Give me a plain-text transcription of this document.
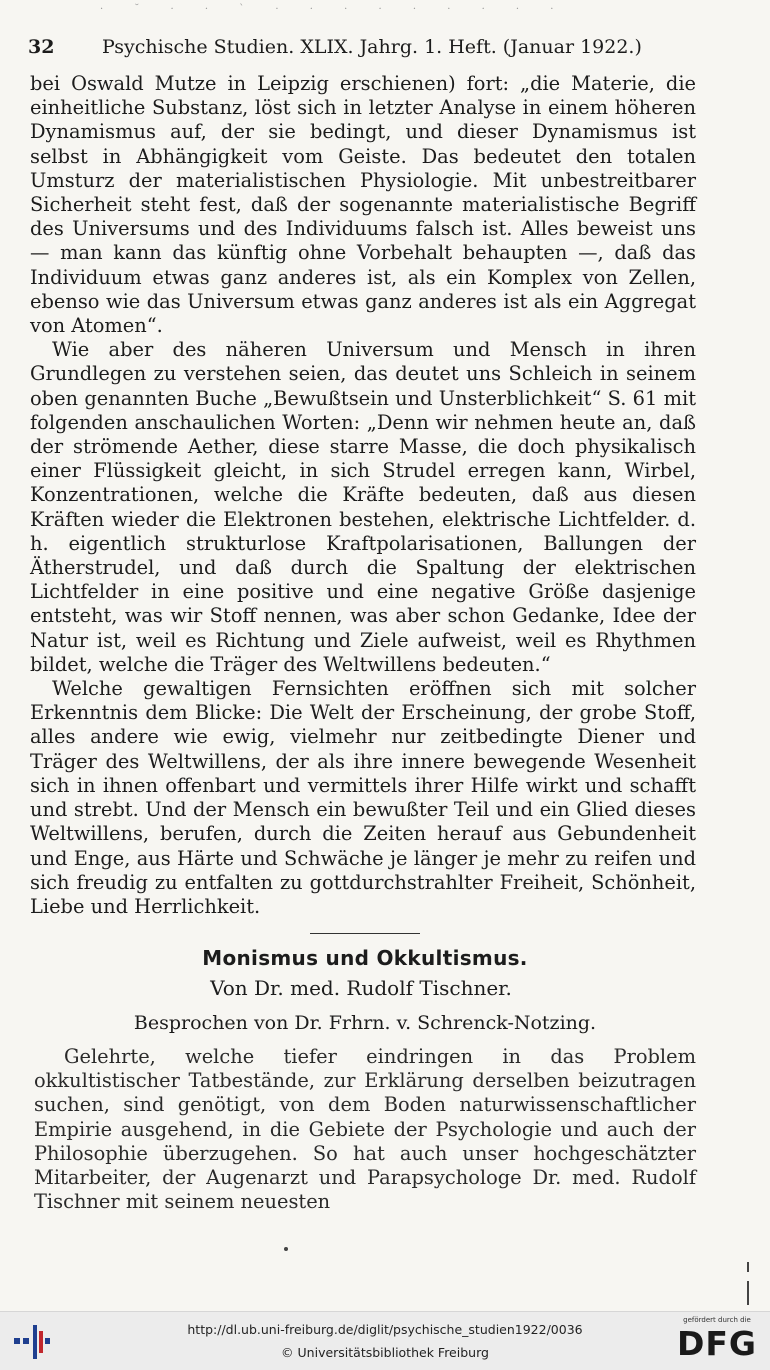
· ˘ · · ` · · · · · · · · ·
32	Psychische Studien. XLIX. Jahrg. 1. Heft. (Januar 1922.)

bei Oswald Mutze in Leipzig erschienen) fort: „die Materie, die einheitliche Substanz, löst sich in letzter Analyse in einem höheren Dynamismus auf, der sie bedingt, und dieser Dynamismus ist selbst in Abhängigkeit vom Geiste. Das bedeutet den totalen Umsturz der materialistischen Physiologie. Mit unbestreitbarer Sicherheit steht fest, daß der sogenannte materialistische Begriff des Universums und des Individuums falsch ist. Alles beweist uns — man kann das künftig ohne Vorbehalt behaupten —, daß das Individuum etwas ganz anderes ist, als ein Komplex von Zellen, ebenso wie das Universum etwas ganz anderes ist als ein Aggregat von Atomen“.

Wie aber des näheren Universum und Mensch in ihren Grundlegen zu verstehen seien, das deutet uns Schleich in seinem oben genannten Buche „Bewußtsein und Unsterblichkeit“ S. 61 mit folgenden anschaulichen Worten: „Denn wir nehmen heute an, daß der strömende Aether, diese starre Masse, die doch physikalisch einer Flüssigkeit gleicht, in sich Strudel erregen kann, Wirbel, Konzentrationen, welche die Kräfte bedeuten, daß aus diesen Kräften wieder die Elektronen bestehen, elektrische Lichtfelder. d. h. eigentlich strukturlose Kraftpolarisationen, Ballungen der Ätherstrudel, und daß durch die Spaltung der elektrischen Lichtfelder in eine positive und eine negative Größe dasjenige entsteht, was wir Stoff nennen, was aber schon Gedanke, Idee der Natur ist, weil es Richtung und Ziele aufweist, weil es Rhythmen bildet, welche die Träger des Weltwillens bedeuten.“

Welche gewaltigen Fernsichten eröffnen sich mit solcher Erkenntnis dem Blicke: Die Welt der Erscheinung, der grobe Stoff, alles andere wie ewig, vielmehr nur zeitbedingte Diener und Träger des Weltwillens, der als ihre innere bewegende Wesenheit sich in ihnen offenbart und vermittels ihrer Hilfe wirkt und schafft und strebt. Und der Mensch ein bewußter Teil und ein Glied dieses Weltwillens, berufen, durch die Zeiten herauf aus Gebundenheit und Enge, aus Härte und Schwäche je länger je mehr zu reifen und sich freudig zu entfalten zu gottdurchstrahlter Freiheit, Schönheit, Liebe und Herrlichkeit.

Monismus und Okkultismus.
Von Dr. med. Rudolf Tischner.
Besprochen von Dr. Frhrn. v. Schrenck-Notzing.

Gelehrte, welche tiefer eindringen in das Problem okkultistischer Tatbestände, zur Erklärung derselben beizutragen suchen, sind genötigt, von dem Boden naturwissenschaftlicher Empirie ausgehend, in die Gebiete der Psychologie und auch der Philosophie überzugehen. So hat auch unser hochgeschätzter Mitarbeiter, der Augenarzt und Parapsychologe Dr. med. Rudolf Tischner mit seinem neuesten

http://dl.ub.uni-freiburg.de/diglit/psychische_studien1922/0036
© Universitätsbibliothek Freiburg
gefördert durch die
DFG
